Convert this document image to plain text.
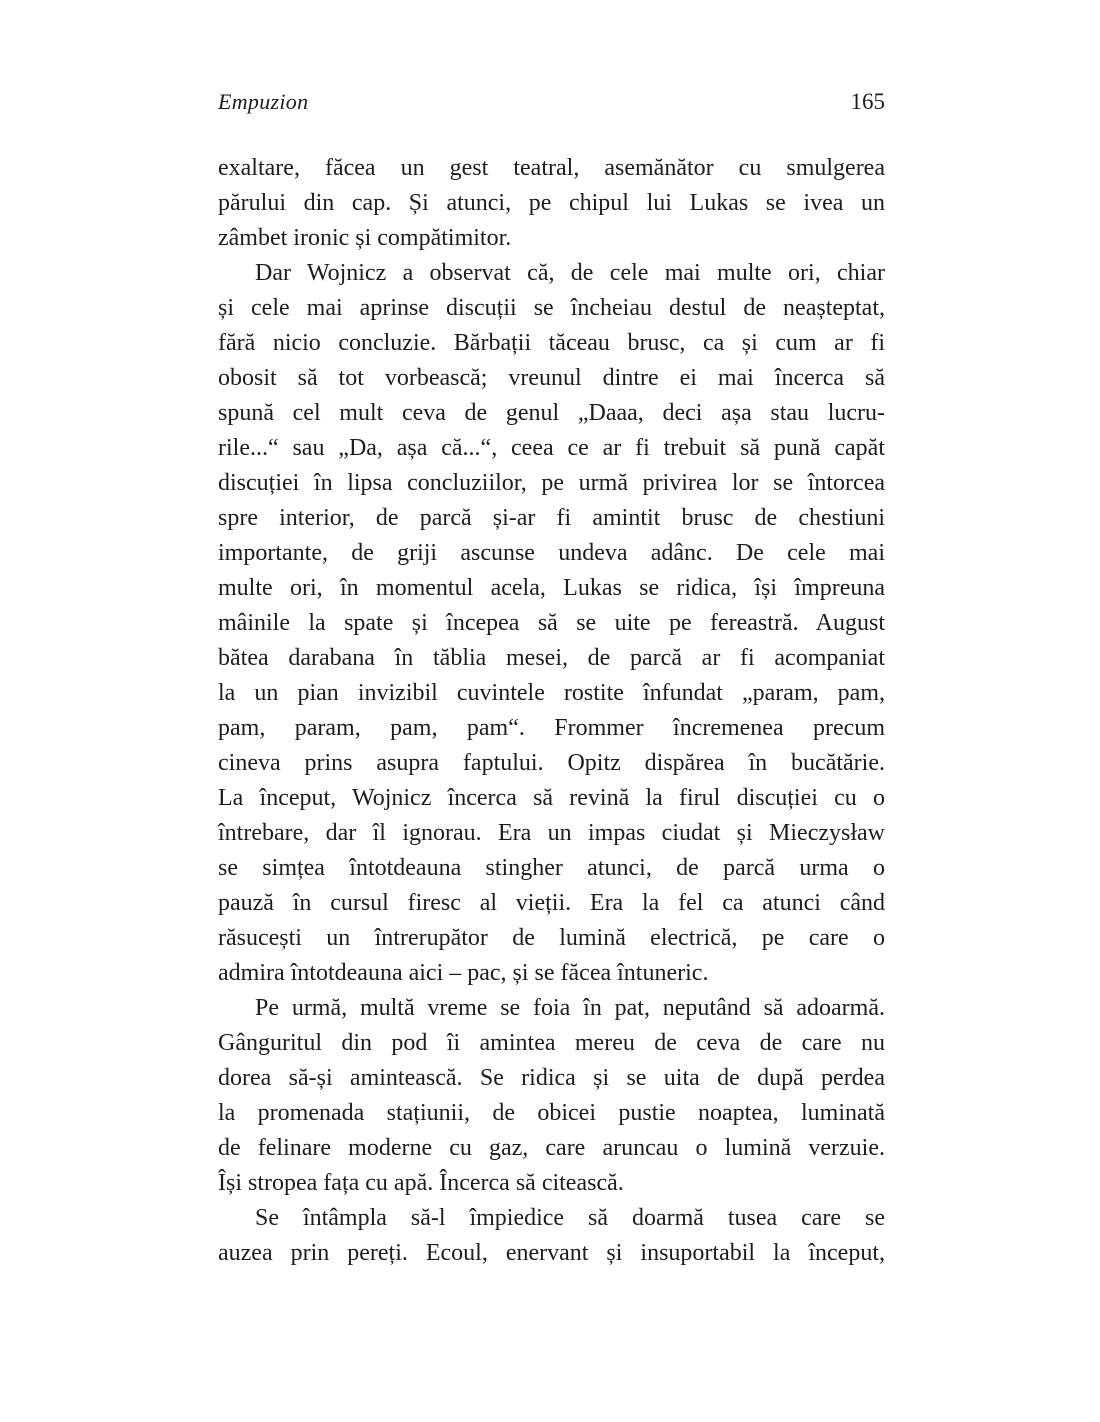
Empuzion	165
exaltare, făcea un gest teatral, asemănător cu smulgerea
părului din cap. Și atunci, pe chipul lui Lukas se ivea un
zâmbet ironic și compătimitor.
Dar Wojnicz a observat că, de cele mai multe ori, chiar
și cele mai aprinse discuții se încheiau destul de neașteptat,
fără nicio concluzie. Bărbații tăceau brusc, ca și cum ar fi
obosit să tot vorbească; vreunul dintre ei mai încerca să
spună cel mult ceva de genul „Daaa, deci așa stau lucru-
rile...“ sau „Da, așa că...“, ceea ce ar fi trebuit să pună capăt
discuției în lipsa concluziilor, pe urmă privirea lor se întorcea
spre interior, de parcă și-ar fi amintit brusc de chestiuni
importante, de griji ascunse undeva adânc. De cele mai
multe ori, în momentul acela, Lukas se ridica, își împreuna
mâinile la spate și începea să se uite pe fereastră. August
bătea darabana în tăblia mesei, de parcă ar fi acompaniat
la un pian invizibil cuvintele rostite înfundat „param, pam,
pam, param, pam, pam“. Frommer încremenea precum
cineva prins asupra faptului. Opitz dispărea în bucătărie.
La început, Wojnicz încerca să revină la firul discuției cu o
întrebare, dar îl ignorau. Era un impas ciudat și Mieczysław
se simțea întotdeauna stingher atunci, de parcă urma o
pauză în cursul firesc al vieții. Era la fel ca atunci când
răsucești un întrerupător de lumină electrică, pe care o
admira întotdeauna aici – pac, și se făcea întuneric.
Pe urmă, multă vreme se foia în pat, neputând să adoarmă.
Gânguritul din pod îi amintea mereu de ceva de care nu
dorea să-și amintească. Se ridica și se uita de după perdea
la promenada stațiunii, de obicei pustie noaptea, luminată
de felinare moderne cu gaz, care aruncau o lumină verzuie.
Își stropea fața cu apă. Încerca să citească.
Se întâmpla să-l împiedice să doarmă tusea care se
auzea prin pereți. Ecoul, enervant și insuportabil la început,
